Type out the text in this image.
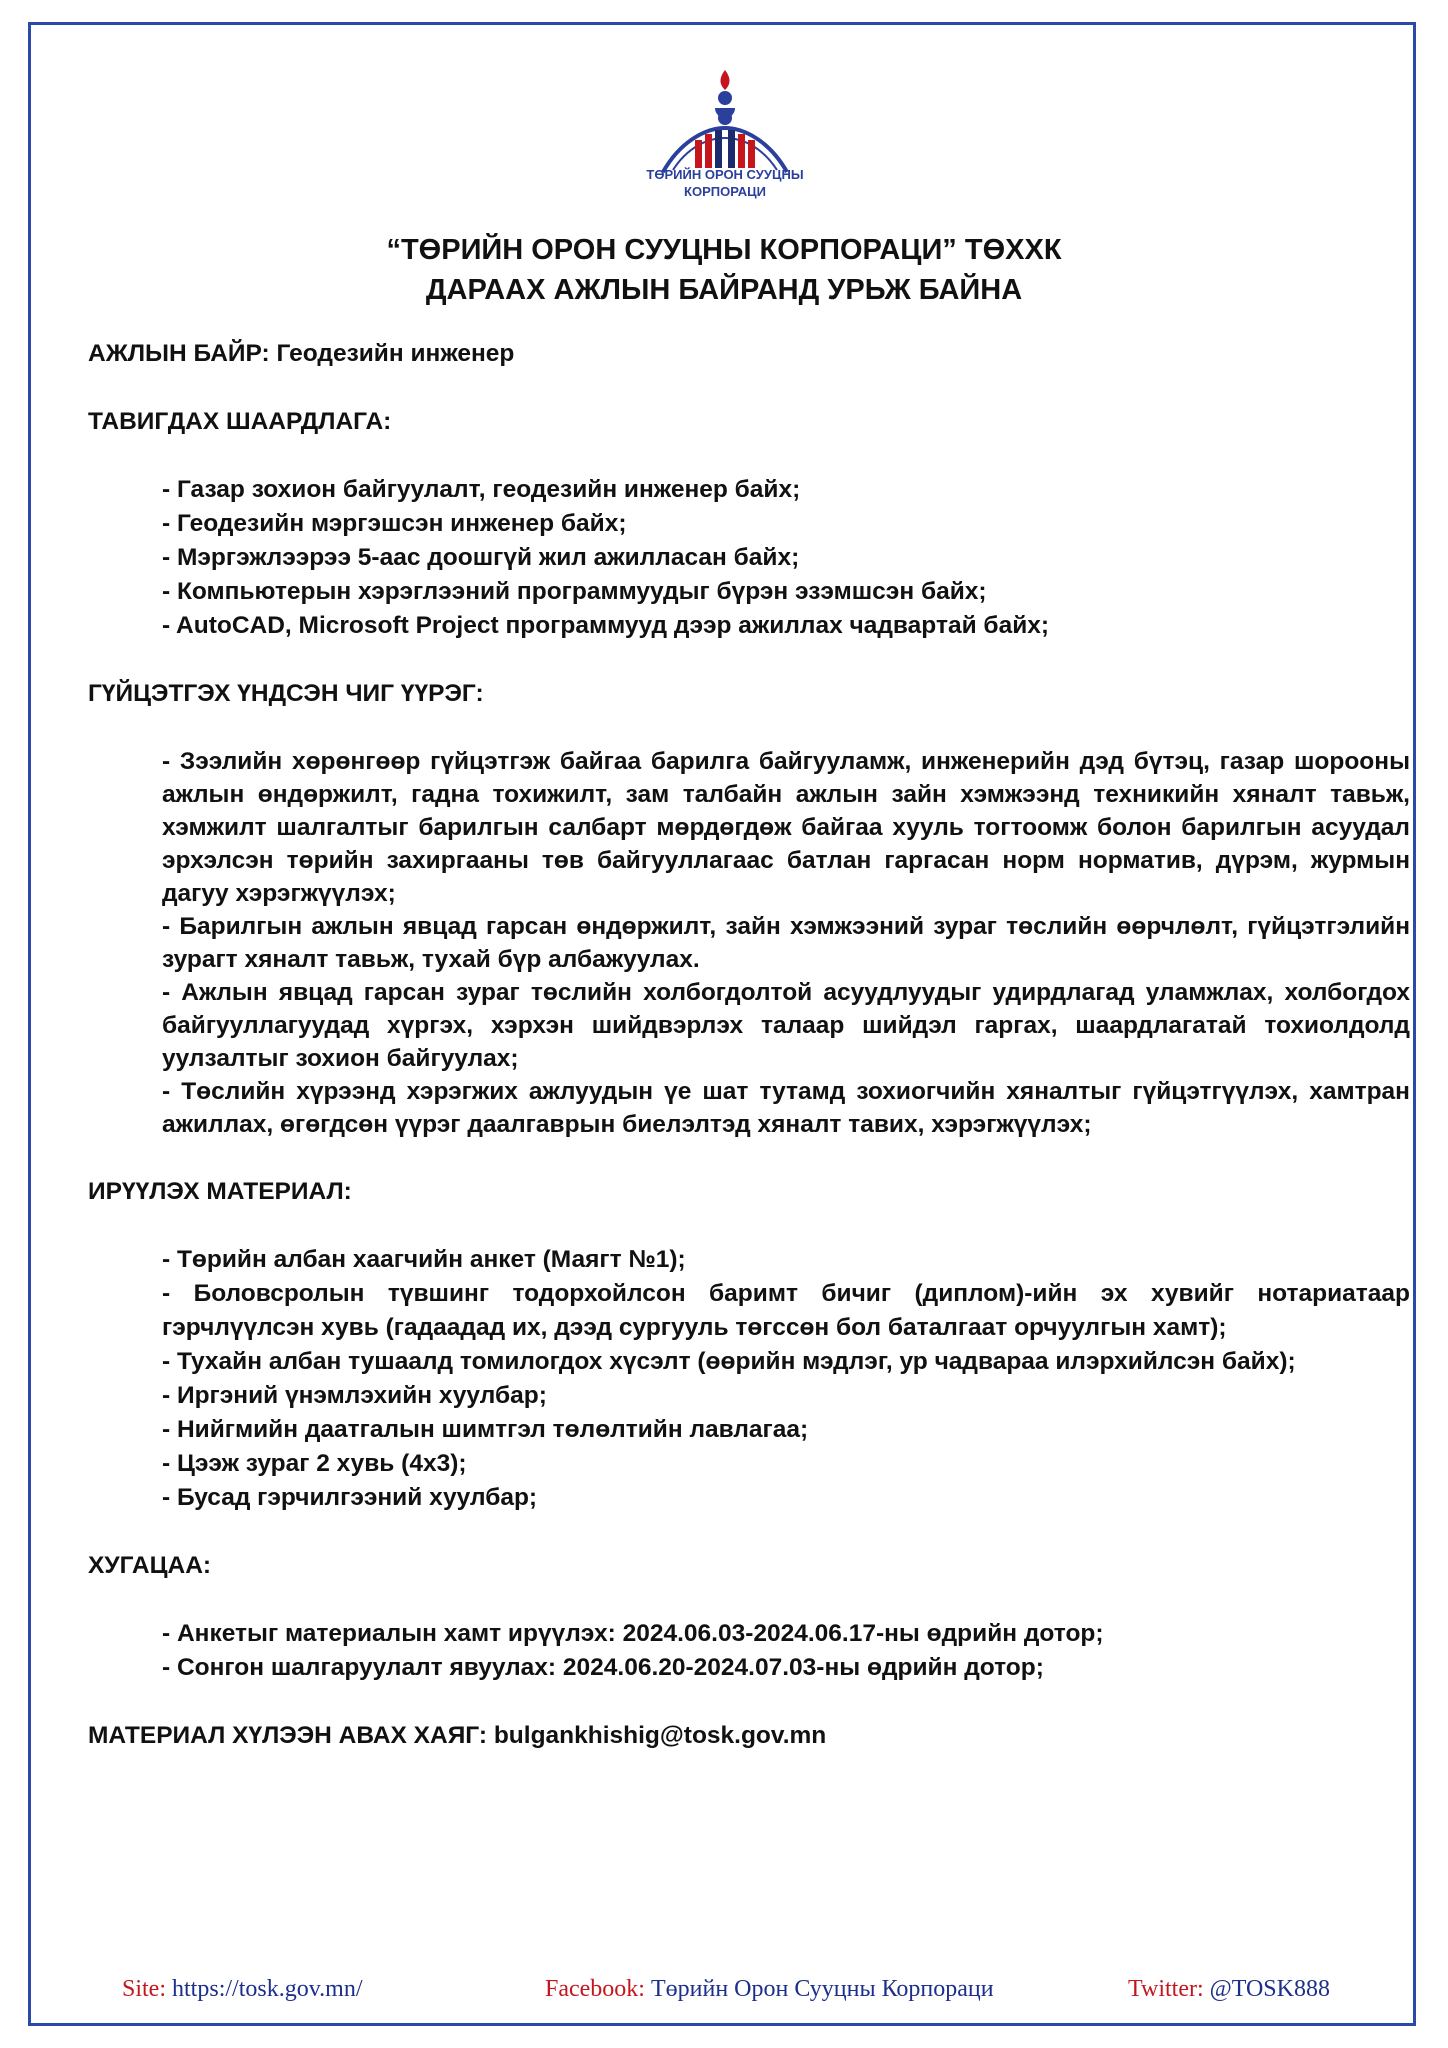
ТӨРИЙН ОРОН СУУЦНЫ
КОРПОРАЦИ
“ТӨРИЙН ОРОН СУУЦНЫ КОРПОРАЦИ” ТӨХХК
ДАРААХ АЖЛЫН БАЙРАНД УРЬЖ БАЙНА
АЖЛЫН БАЙР: Геодезийн инженер
ТАВИГДАХ ШААРДЛАГА:
- Газар зохион байгуулалт, геодезийн инженер байх;
- Геодезийн мэргэшсэн инженер байх;
- Мэргэжлээрээ 5-аас доошгүй жил ажилласан байх;
- Компьютерын хэрэглээний программуудыг бүрэн эзэмшсэн байх;
- AutoCAD, Microsoft Project программууд дээр ажиллах чадвартай байх;
ГҮЙЦЭТГЭХ ҮНДСЭН ЧИГ ҮҮРЭГ:
- Зээлийн хөрөнгөөр гүйцэтгэж байгаа барилга байгууламж, инженерийн дэд бүтэц, газар шорооны ажлын өндөржилт, гадна тохижилт, зам талбайн ажлын зайн хэмжээнд техникийн хяналт тавьж, хэмжилт шалгалтыг барилгын салбарт мөрдөгдөж байгаа хууль тогтоомж болон барилгын асуудал эрхэлсэн төрийн захиргааны төв байгууллагаас батлан гаргасан норм норматив, дүрэм, журмын дагуу хэрэгжүүлэх;
- Барилгын ажлын явцад гарсан өндөржилт, зайн хэмжээний зураг төслийн өөрчлөлт, гүйцэтгэлийн зурагт хяналт тавьж, тухай бүр албажуулах.
- Ажлын явцад гарсан зураг төслийн холбогдолтой асуудлуудыг удирдлагад уламжлах, холбогдох байгууллагуудад хүргэх, хэрхэн шийдвэрлэх талаар шийдэл гаргах, шаардлагатай тохиолдолд уулзалтыг зохион байгуулах;
- Төслийн хүрээнд хэрэгжих ажлуудын үе шат тутамд зохиогчийн хяналтыг гүйцэтгүүлэх, хамтран ажиллах, өгөгдсөн үүрэг даалгаврын биелэлтэд хяналт тавих, хэрэгжүүлэх;
ИРҮҮЛЭХ МАТЕРИАЛ:
- Төрийн албан хаагчийн анкет (Маягт №1);
- Боловсролын түвшинг тодорхойлсон баримт бичиг (диплом)-ийн эх хувийг нотариатаар гэрчлүүлсэн хувь (гадаадад их, дээд сургууль төгссөн бол баталгаат орчуулгын хамт);
- Тухайн албан тушаалд томилогдох хүсэлт (өөрийн мэдлэг, ур чадвараа илэрхийлсэн байх);
- Иргэний үнэмлэхийн хуулбар;
- Нийгмийн даатгалын шимтгэл төлөлтийн лавлагаа;
- Цээж зураг 2 хувь (4х3);
- Бусад гэрчилгээний хуулбар;
ХУГАЦАА:
- Анкетыг материалын хамт ирүүлэх: 2024.06.03-2024.06.17-ны өдрийн дотор;
- Сонгон шалгаруулалт явуулах: 2024.06.20-2024.07.03-ны өдрийн дотор;
МАТЕРИАЛ ХҮЛЭЭН АВАХ ХАЯГ: bulgankhishig@tosk.gov.mn
Site: https://tosk.gov.mn/	Facebook: Төрийн Орон Сууцны Корпораци	Twitter: @TOSK888
